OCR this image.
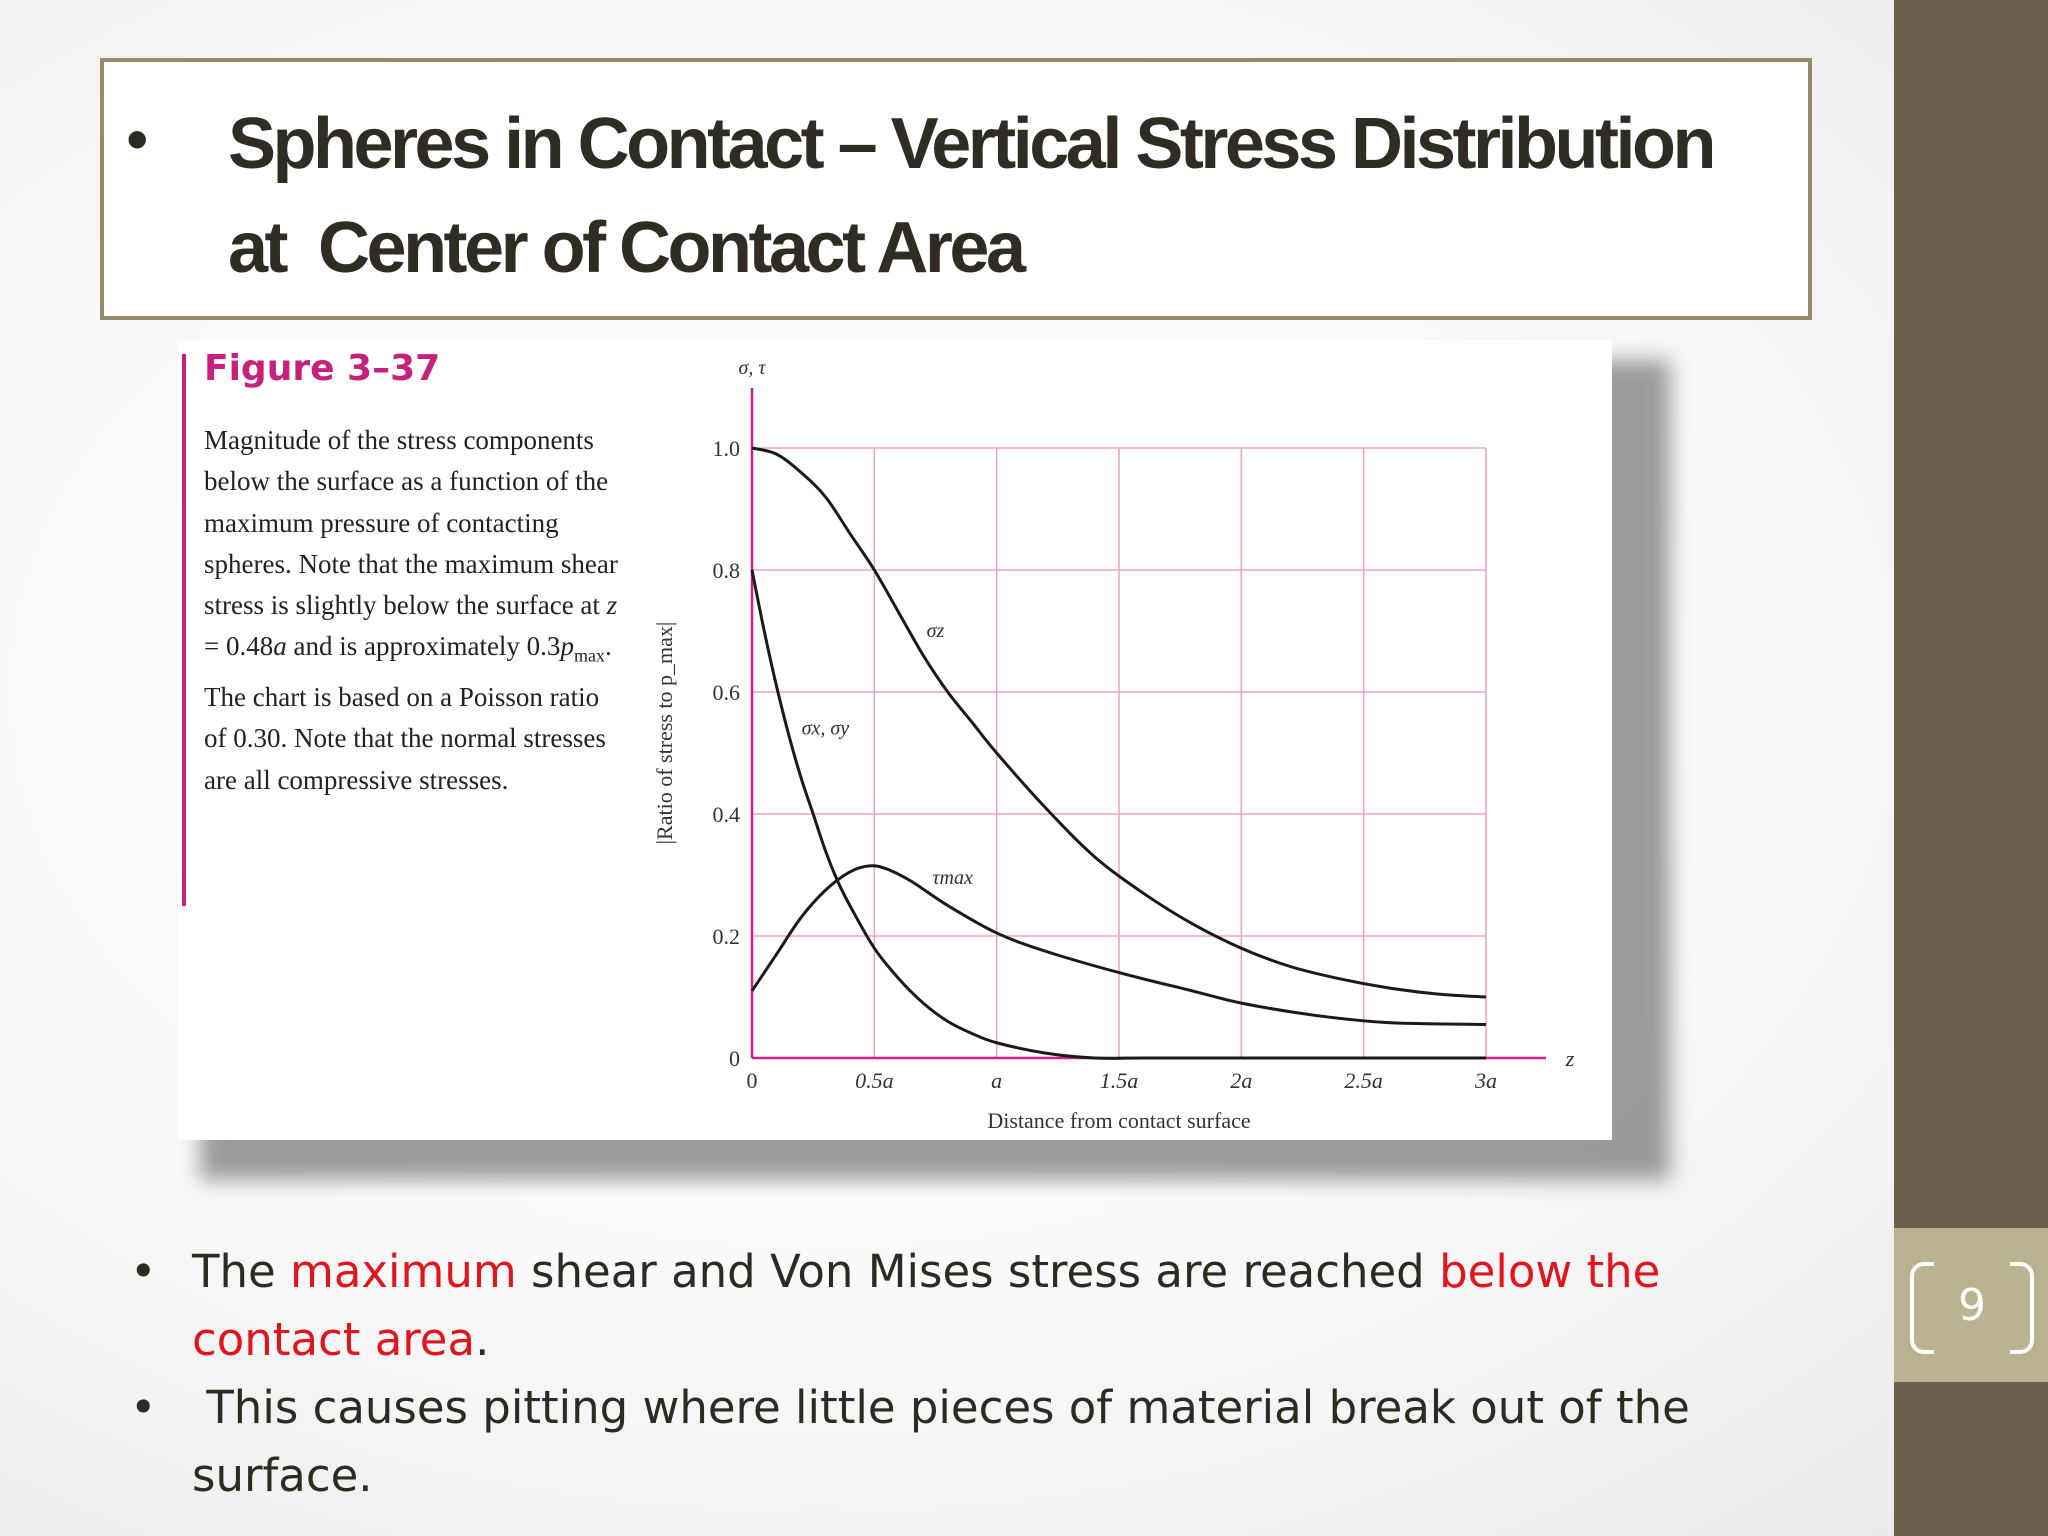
9
• Spheres in Contact – Vertical Stress Distribution
at  Center of Contact Area
Figure 3–37
Magnitude of the stress components below the surface as a function of the maximum pressure of contacting spheres. Note that the maximum shear stress is slightly below the surface at z = 0.48a and is approximately $0.3p_{max}$. The chart is based on a Poisson ratio of 0.30. Note that the normal stresses are all compressive stresses.
0	0.5a	a	1.5a	2a	2.5a	3a
0
0.2
0.4
0.6
0.8
1.0
Distance from contact surface
z
σ, τ
|Ratio of stress to p_max|	σz
σx, σy
τmax
• The maximum shear and Von Mises stress are reached below the contact area.
• This causes pitting where little pieces of material break out of the surface.
